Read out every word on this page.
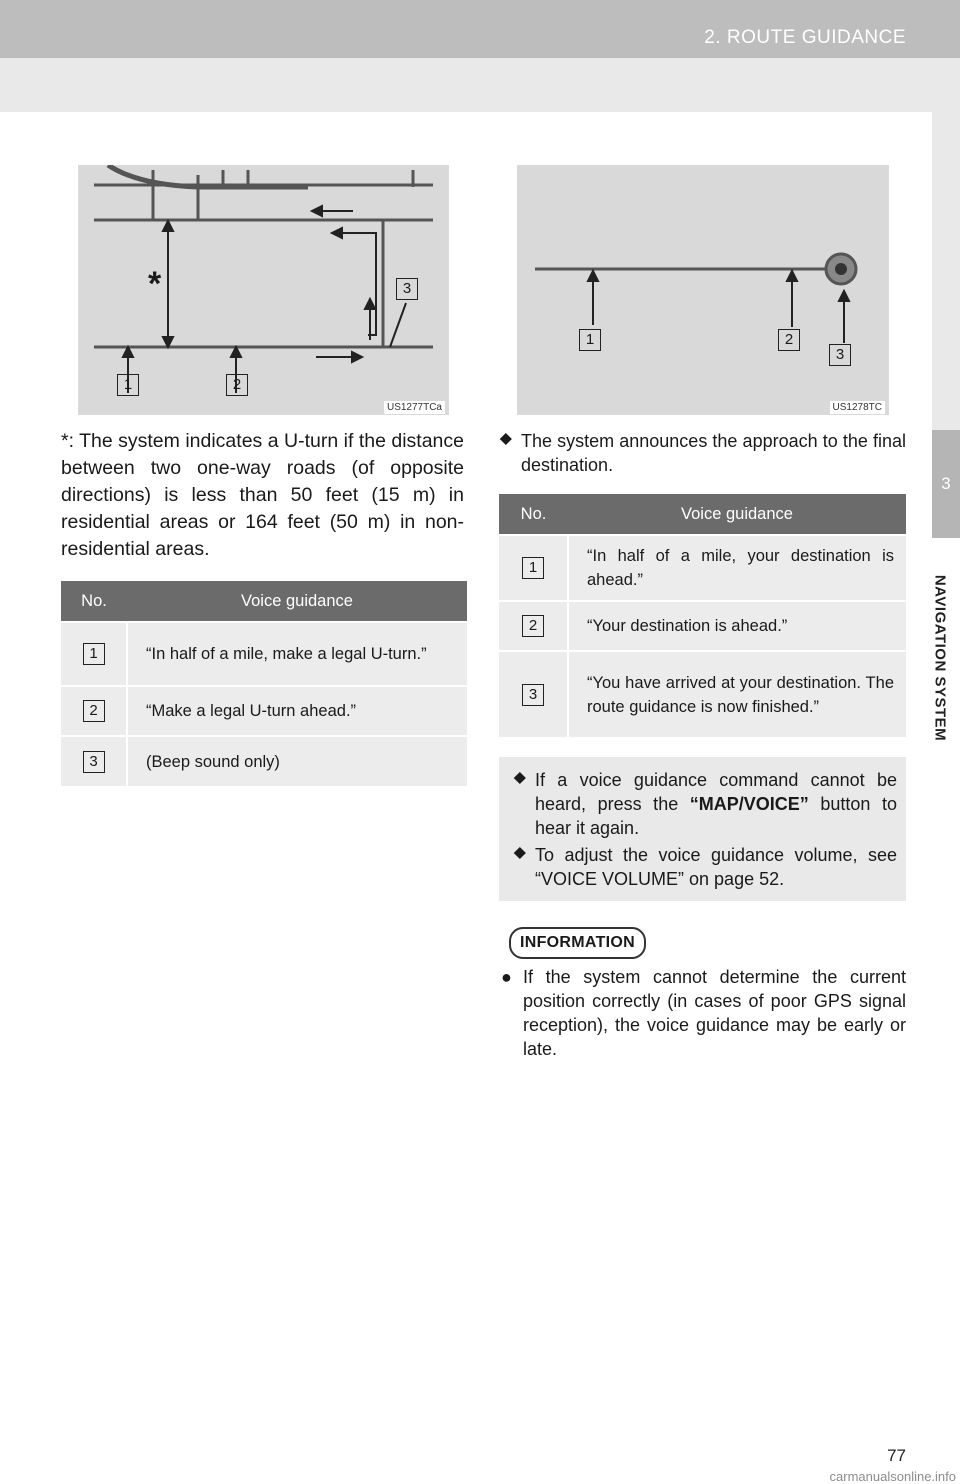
2. ROUTE GUIDANCE
3
NAVIGATION SYSTEM
*
1	2
3
US1277TCa
1	2
3
US1278TC

*: The system indicates a U-turn if the distance between two one-way roads (of opposite directions) is less than 50 feet (15 m) in residential areas or 164 feet (50 m) in non-residential areas.

No.	Voice guidance
1	“In half of a mile, make a legal U-turn.”
2	“Make a legal U-turn ahead.”
3	(Beep sound only)
⯁ The system announces the approach to the final destination.
No.	Voice guidance
1	“In half of a mile, your destination is ahead.”
2	“Your destination is ahead.”
3	“You have arrived at your destination. The route guidance is now finished.”
⯁ If a voice guidance command cannot be heard, press the “MAP/VOICE” button to hear it again.
⯁ To adjust the voice guidance volume, see “VOICE VOLUME” on page 52.
INFORMATION
● If the system cannot determine the current position correctly (in cases of poor GPS signal reception), the voice guidance may be early or late.
77
carmanualsonline.info
